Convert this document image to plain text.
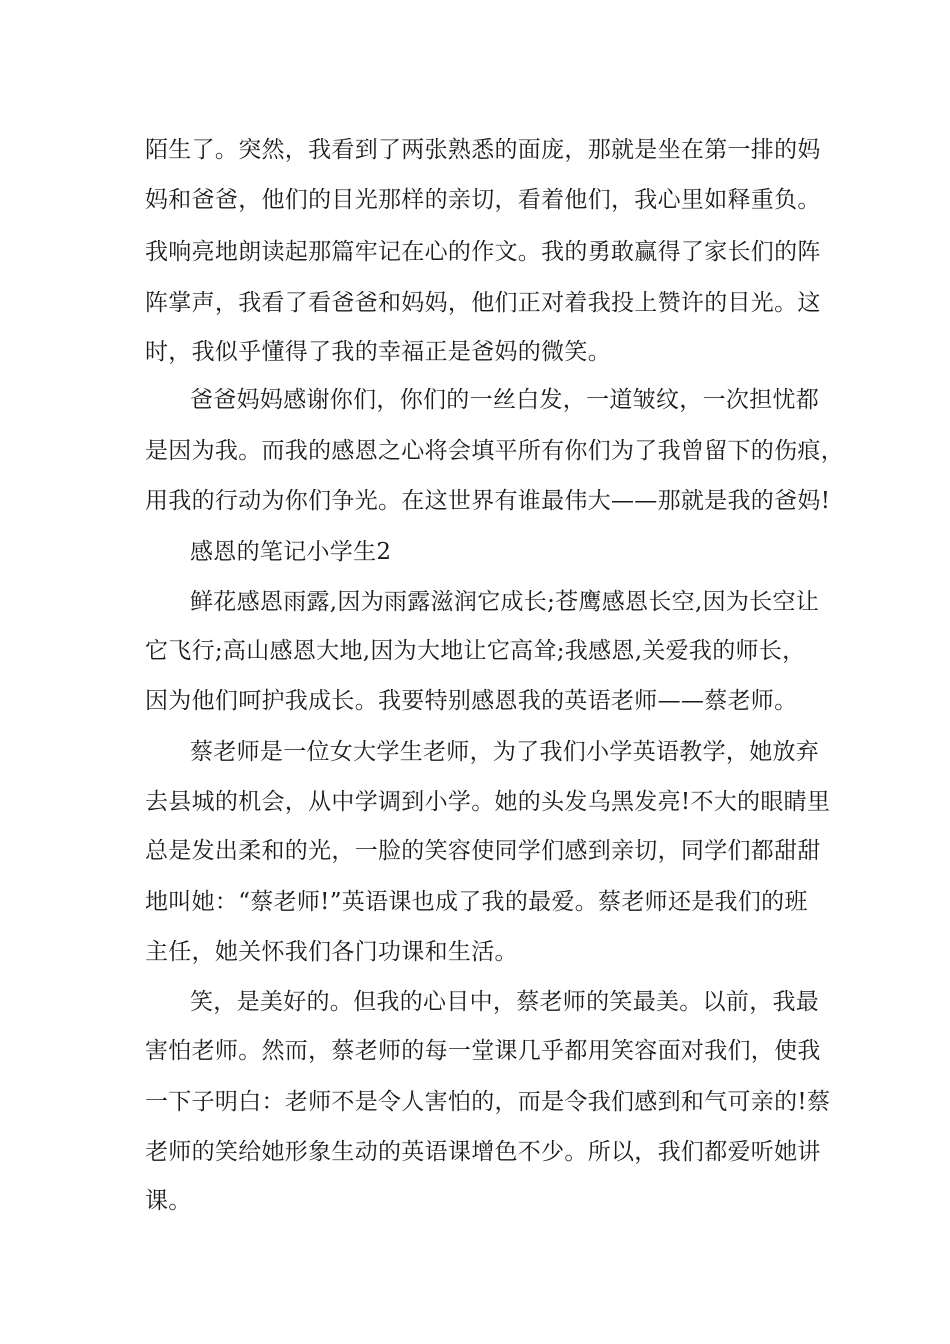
陌生了。突然，我看到了两张熟悉的面庞，那就是坐在第一排的妈
妈和爸爸，他们的目光那样的亲切，看着他们，我心里如释重负。
我响亮地朗读起那篇牢记在心的作文。我的勇敢赢得了家长们的阵
阵掌声，我看了看爸爸和妈妈，他们正对着我投上赞许的目光。这
时，我似乎懂得了我的幸福正是爸妈的微笑。
爸爸妈妈感谢你们，你们的一丝白发，一道皱纹，一次担忧都
是因为我。而我的感恩之心将会填平所有你们为了我曾留下的伤痕，
用我的行动为你们争光。在这世界有谁最伟大——那就是我的爸妈!
感恩的笔记小学生2
鲜花感恩雨露,因为雨露滋润它成长;苍鹰感恩长空,因为长空让
它飞行;高山感恩大地,因为大地让它高耸;我感恩,关爱我的师长，
因为他们呵护我成长。我要特别感恩我的英语老师——蔡老师。
蔡老师是一位女大学生老师，为了我们小学英语教学，她放弃
去县城的机会，从中学调到小学。她的头发乌黑发亮!不大的眼睛里
总是发出柔和的光，一脸的笑容使同学们感到亲切，同学们都甜甜
地叫她：“蔡老师!”英语课也成了我的最爱。蔡老师还是我们的班
主任，她关怀我们各门功课和生活。
笑，是美好的。但我的心目中，蔡老师的笑最美。以前，我最
害怕老师。然而，蔡老师的每一堂课几乎都用笑容面对我们，使我
一下子明白：老师不是令人害怕的，而是令我们感到和气可亲的!蔡
老师的笑给她形象生动的英语课增色不少。所以，我们都爱听她讲
课。
